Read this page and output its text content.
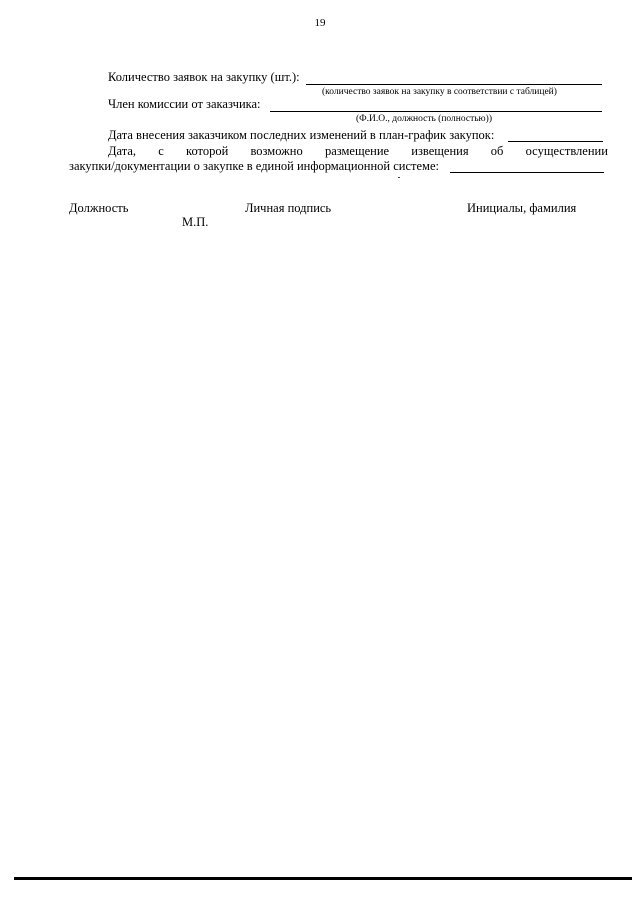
19
Количество заявок на закупку (шт.):
(количество заявок на закупку в соответствии с таблицей)
Член комиссии от заказчика:
(Ф.И.О., должность (полностью))
Дата внесения заказчиком последних изменений в план-график закупок:
Дата, с которой возможно размещение извещения об осуществлении
закупки/документации о закупке в единой информационной системе:
Должность	Личная подпись	Инициалы, фамилия
М.П.
